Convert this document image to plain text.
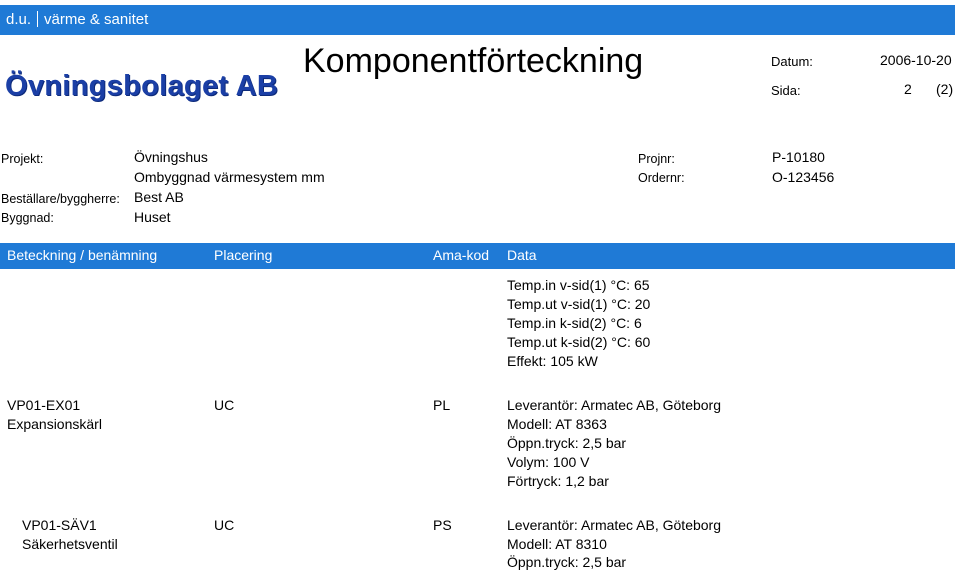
d.u. värme & sanitet
Övningsbolaget AB
Komponentförteckning	Datum:	2006-10-20
Sida:	2 (2)
Projekt:	Övningshus
Ombyggnad värmesystem mm
Beställare/byggherre: Best AB
Byggnad:	Huset
Projnr:	P-10180
Ordernr:	O-123456
Beteckning / benämning	Placering	Ama-kod Data
Temp.in v-sid(1) °C: 65
Temp.ut v-sid(1) °C: 20
Temp.in k-sid(2) °C: 6
Temp.ut k-sid(2) °C: 60
Effekt: 105 kW
VP01-EX01
Expansionskärl
UC	PL	Leverantör: Armatec AB, Göteborg
Modell: AT 8363
Öppn.tryck: 2,5 bar
Volym: 100 V
Förtryck: 1,2 bar
VP01-SÄV1
Säkerhetsventil
UC	PS	Leverantör: Armatec AB, Göteborg
Modell: AT 8310
Öppn.tryck: 2,5 bar
